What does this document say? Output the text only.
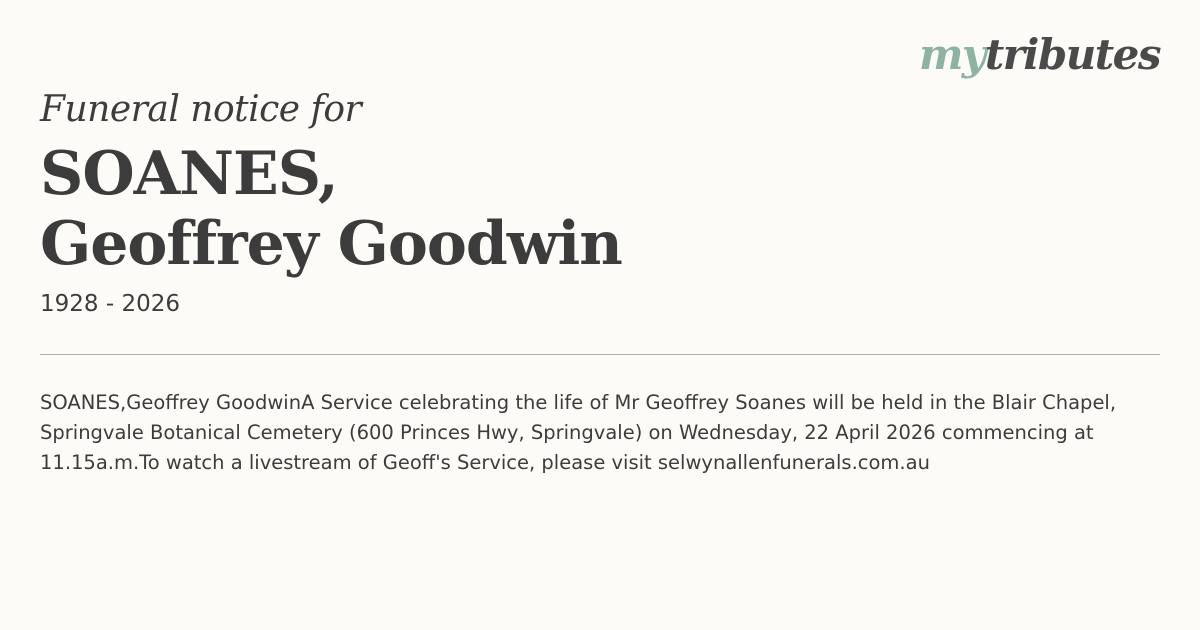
mytributes
Funeral notice for
SOANES,
Geoffrey Goodwin
1928 - 2026
SOANES,Geoffrey GoodwinA Service celebrating the life of Mr Geoffrey Soanes will be held in the Blair Chapel, Springvale Botanical Cemetery (600 Princes Hwy, Springvale) on Wednesday, 22 April 2026 commencing at 11.15a.m.To watch a livestream of Geoff's Service, please visit selwynallenfunerals.com.au
